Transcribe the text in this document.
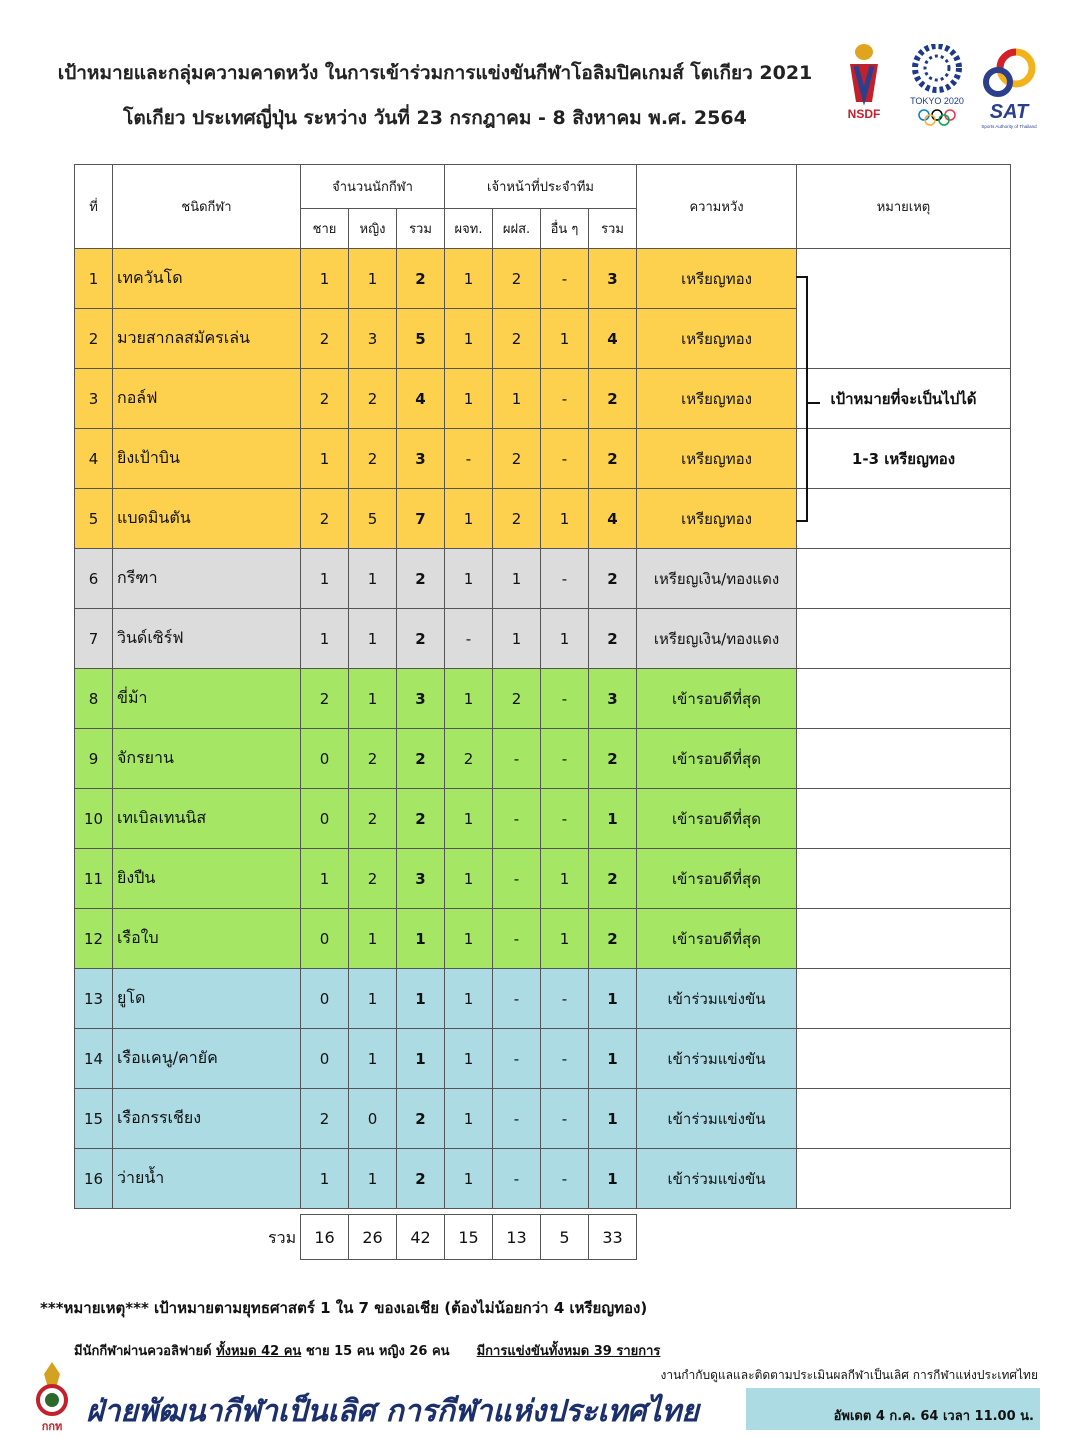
เป้าหมายและกลุ่มความคาดหวัง ในการเข้าร่วมการแข่งขันกีฬาโอลิมปิคเกมส์ โตเกียว 2021
โตเกียว ประเทศญี่ปุ่น ระหว่าง วันที่ 23 กรกฎาคม - 8 สิงหาคม พ.ศ. 2564	NSDF
TOKYO 2020 SAT
Sports Authority of Thailand
ที่	ชนิดกีฬา	จำนวนนักกีฬา			เจ้าหน้าที่ประจำทีม				ความหวัง	หมายเหตุ
		ชาย	หญิง	รวม	ผจท.	ผฝส.	อื่น ๆ	รวม		
1	เทควันโด	1	1	2	1	2	-	3	เหรียญทอง	
2	มวยสากลสมัครเล่น	2	3	5	1	2	1	4	เหรียญทอง	
3	กอล์ฟ	2	2	4	1	1	-	2	เหรียญทอง	เป้าหมายที่จะเป็นไปได้
4	ยิงเป้าบิน	1	2	3	-	2	-	2	เหรียญทอง	1-3 เหรียญทอง
5	แบดมินตัน	2	5	7	1	2	1	4	เหรียญทอง	
6	กรีฑา	1	1	2	1	1	-	2	เหรียญเงิน/ทองแดง	
7	วินด์เซิร์ฟ	1	1	2	-	1	1	2	เหรียญเงิน/ทองแดง	
8	ขี่ม้า	2	1	3	1	2	-	3	เข้ารอบดีที่สุด	
9	จักรยาน	0	2	2	2	-	-	2	เข้ารอบดีที่สุด	
10	เทเบิลเทนนิส	0	2	2	1	-	-	1	เข้ารอบดีที่สุด	
11	ยิงปืน	1	2	3	1	-	1	2	เข้ารอบดีที่สุด	
12	เรือใบ	0	1	1	1	-	1	2	เข้ารอบดีที่สุด	
13	ยูโด	0	1	1	1	-	-	1	เข้าร่วมแข่งขัน	
14	เรือแคนู/คายัค	0	1	1	1	-	-	1	เข้าร่วมแข่งขัน	
15	เรือกรรเชียง	2	0	2	1	-	-	1	เข้าร่วมแข่งขัน	
16	ว่ายน้ำ	1	1	2	1	-	-	1	เข้าร่วมแข่งขัน	
รวม 16	26	42	15	13	5	33
***หมายเหตุ*** เป้าหมายตามยุทธศาสตร์ 1 ใน 7 ของเอเชีย (ต้องไม่น้อยกว่า 4 เหรียญทอง)
มีนักกีฬาผ่านควอลิฟายด์ ทั้งหมด 42 คน ชาย 15 คน หญิง 26 คน มีการแข่งขันทั้งหมด 39 รายการ
งานกำกับดูแลและติดตามประเมินผลกีฬาเป็นเลิศ การกีฬาแห่งประเทศไทย
กกท ฝ่ายพัฒนากีฬาเป็นเลิศ การกีฬาแห่งประเทศไทย	อัพเดต 4 ก.ค. 64 เวลา 11.00 น.
